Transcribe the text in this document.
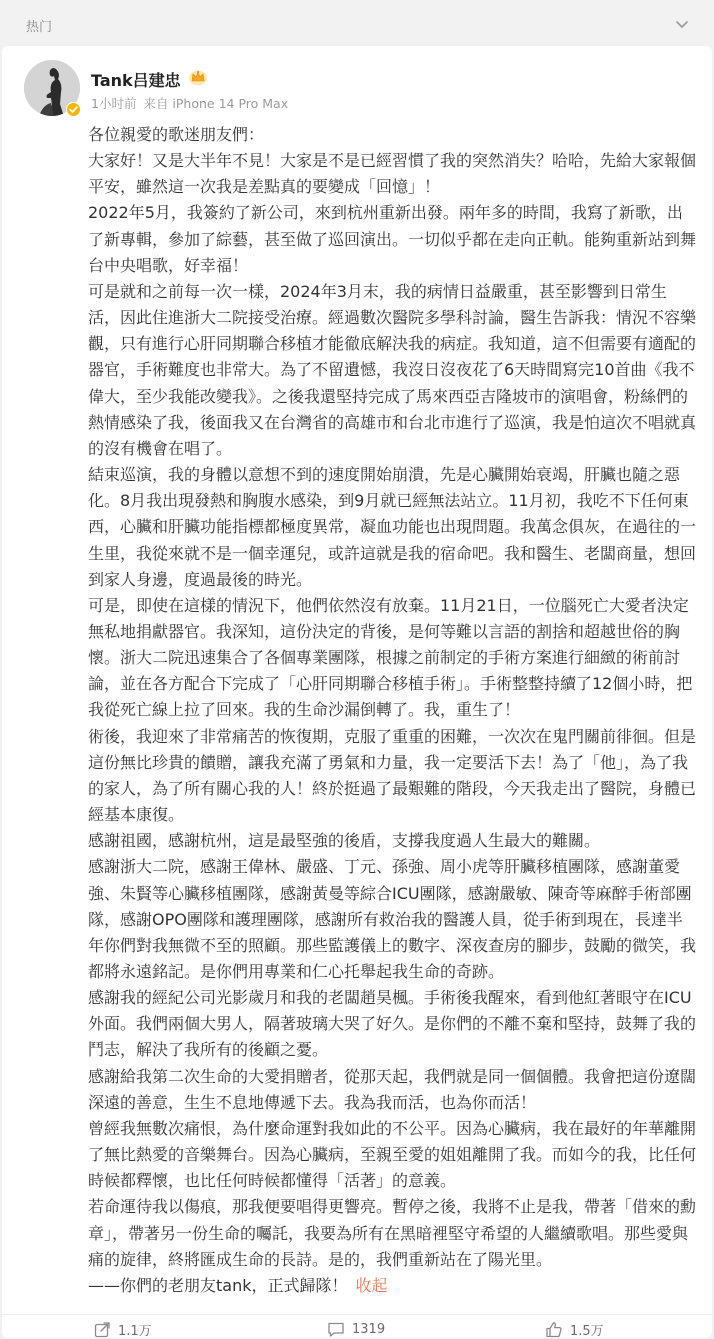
热门
Tank吕建忠
1小时前 来自 iPhone 14 Pro Max

各位親愛的歌迷朋友們：

大家好！又是大半年不見！大家是不是已經習慣了我的突然消失？哈哈，先給大家報個平安，雖然這一次我是差點真的要變成「回憶」！

2022年5月，我簽約了新公司，來到杭州重新出發。兩年多的時間，我寫了新歌，出了新專輯，參加了綜藝，甚至做了巡回演出。一切似乎都在走向正軌。能夠重新站到舞台中央唱歌，好幸福！

可是就和之前每一次一樣，2024年3月末，我的病情日益嚴重，甚至影響到日常生活，因此住進浙大二院接受治療。經過數次醫院多學科討論，醫生告訴我：情況不容樂觀，只有進行心肝同期聯合移植才能徹底解決我的病症。我知道，這不但需要有適配的器官，手術難度也非常大。為了不留遺憾，我沒日沒夜花了6天時間寫完10首曲《我不偉大，至少我能改變我》。之後我還堅持完成了馬來西亞吉隆坡市的演唱會，粉絲們的熱情感染了我，後面我又在台灣省的高雄市和台北市進行了巡演，我是怕這次不唱就真的沒有機會在唱了。

結束巡演，我的身體以意想不到的速度開始崩潰，先是心臟開始衰竭，肝臟也隨之惡化。8月我出現發熱和胸腹水感染，到9月就已經無法站立。11月初，我吃不下任何東西，心臟和肝臟功能指標都極度異常，凝血功能也出現問題。我萬念俱灰，在過往的一生里，我從來就不是一個幸運兒，或許這就是我的宿命吧。我和醫生、老闆商量，想回到家人身邊，度過最後的時光。

可是，即使在這樣的情況下，他們依然沒有放棄。11月21日，一位腦死亡大愛者決定無私地捐獻器官。我深知，這份決定的背後，是何等難以言語的割捨和超越世俗的胸懷。浙大二院迅速集合了各個專業團隊，根據之前制定的手術方案進行細緻的術前討論，並在各方配合下完成了「心肝同期聯合移植手術」。手術整整持續了12個小時，把我從死亡線上拉了回來。我的生命沙漏倒轉了。我，重生了！

術後，我迎來了非常痛苦的恢復期，克服了重重的困難，一次次在鬼門關前徘徊。但是這份無比珍貴的饋贈，讓我充滿了勇氣和力量，我一定要活下去！為了「他」，為了我的家人，為了所有關心我的人！終於挺過了最艱難的階段，今天我走出了醫院，身體已經基本康復。

感謝祖國，感謝杭州，這是最堅強的後盾，支撐我度過人生最大的難關。

感謝浙大二院，感謝王偉林、嚴盛、丁元、孫強、周小虎等肝臟移植團隊，感謝董愛強、朱賢等心臟移植團隊，感謝黃曼等綜合ICU團隊，感謝嚴敏、陳奇等麻醉手術部團隊，感謝OPO團隊和護理團隊，感謝所有救治我的醫護人員，從手術到現在，長達半年你們對我無微不至的照顧。那些監護儀上的數字、深夜查房的腳步，鼓勵的微笑，我都將永遠銘記。是你們用專業和仁心托舉起我生命的奇跡。

感謝我的經紀公司光影歲月和我的老闆趙昊楓。手術後我醒來，看到他紅著眼守在ICU外面。我們兩個大男人，隔著玻璃大哭了好久。是你們的不離不棄和堅持，鼓舞了我的鬥志，解決了我所有的後顧之憂。

感謝給我第二次生命的大愛捐贈者，從那天起，我們就是同一個個體。我會把這份遼闊深遠的善意，生生不息地傳遞下去。我為我而活，也為你而活！

曾經我無數次痛恨，為什麼命運對我如此的不公平。因為心臟病，我在最好的年華離開了無比熱愛的音樂舞台。因為心臟病，至親至愛的姐姐離開了我。而如今的我，比任何時候都釋懷，也比任何時候都懂得「活著」的意義。

若命運待我以傷痕，那我便要唱得更響亮。暫停之後，我將不止是我，帶著「借來的勳章」，帶著另一份生命的囑託，我要為所有在黑暗裡堅守希望的人繼續歌唱。那些愛與痛的旋律，終將匯成生命的長詩。是的，我們重新站在了陽光里。

——你們的老朋友tank，正式歸隊！ 收起

1.1万	1319	1.5万
